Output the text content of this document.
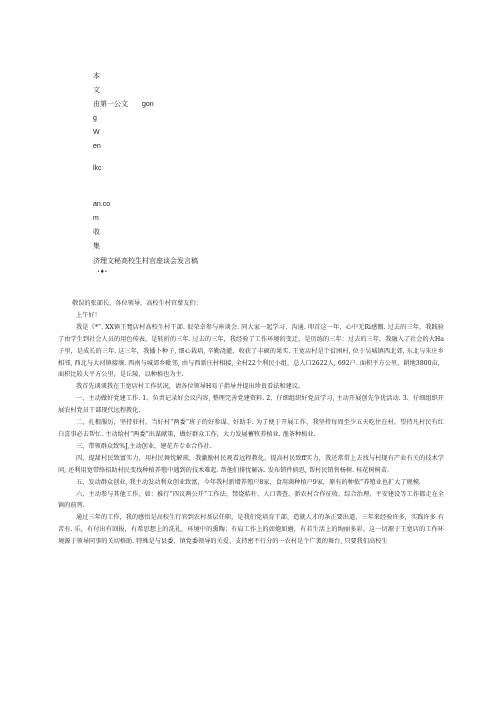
本
文
由第一公文 gon
g
W
en
lkc
an.co
m
收
集
济理文秘高校生村官座谈会发言稿
•♦•

敬误的张部长、各位领导，高校生村官孳友们：

上午好！

我是《*”. XX镇王寬店村高校生村干部. 很荣幸参与座谈会. 同大家一起学习、沟通. 叩首这一年，心中无Ri感慨. 过去的三年，我践验了由学生到社会人员的用色传表，是转折的三年. 过去的三年，我经验了工作环境的变迁，是历练的三年：过去的三年，我融入了社会的大Ha子里，是成长的三年. 这三年，我播卜种子, 细心栽培, 辛勤浇灌，收获了丰硕的果实. 王宽店村是个贫困村, 位于吴城镇西北郊, 东北与朱庄乡相邻, 西北与大河镇接壤. 西南与城郊乡毗邻, 由与西新庄村相接, 全村22个利民小组，总人口2622人, 692户. 面积平方公里，耕地3800亩，面积比较大平方公里，是丘陵、以种植也为主.

我首先谈谈我在王宽店村工作状况，请各位领导H易子指导并提出珍贵看法和建议。

一、主动做好党建工作. 1、负责记录好会议内容, 整理完善党建资料. 2、仔细组织好党员学习, 主动开展创先争优活动. 3、仔细组织开展农村党员干部现代远程教化.

二、扎根服厉，坚持驻村，当好村“两委”班子的好参谋、好助手. 为了便于开展工作，我坚持每周至少五天吃住在村，望持凡村民有红白喜事必去帮忙. 主动给村“两委”出谋献策，做好群众工作，大力发展蓄牧养植业. 渔茶种植业.

三、带领群众致%J,主动创业，建花卉专业合作社.

四、提甜村民致富实力，用村民舞忱解琐，我激励村民观看远程教化，提高村民致ff实力，我还常常上去找与村现有产业有关的技术学问, 还利用宽带络招助村民变找种植养殖中遇到的技术难起. 帮他们排忧解冻. 发布销件倘思, 帮村民销售杨树. 桂花树树苗.

五、发动群众创业, 我主动发动利众创业致富，今年我村新增养殖户8家，食用菌种植户9家，原有的种侬”养殖业也扩大了规模.

六、主动参与其他工作，如：推行“四议两公开”工作法、禁烧秸秆、人口普查、新农村合作征收、综合治理、平安建设等工作都走在全镇的前列.

通过三年的工作，我的感悟是高校生行官到农村基层任职，是我们党培育干部、造就人才的条正要出道，三年来经验许多，实践许多 有苦有. 乐，有付出有回报，有希思想上的洗礼，环境中的熏陶；有肩工作上的如炮如磨，有若生活上的绚丽多彩。这一切源于王宽店的工作环境源于领导同事的关切格助. 特殊是与县委、镇党委领导的关爱、支持密不行分的一农村是个广袤的舞台, 只要我们高校生
